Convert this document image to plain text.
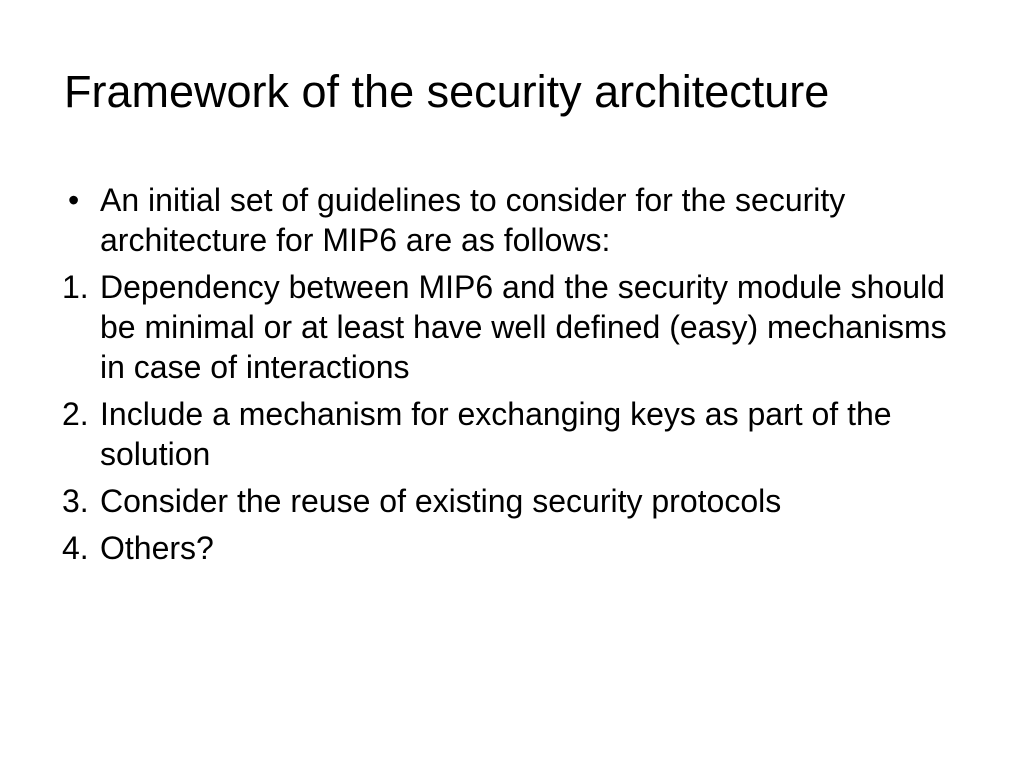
Framework of the security architecture
• An initial set of guidelines to consider for the security architecture for MIP6 are as follows:
1. Dependency between MIP6 and the security module should be minimal or at least have well defined (easy) mechanisms in case of interactions
2. Include a mechanism for exchanging keys as part of the solution
3. Consider the reuse of existing security protocols
4. Others?
